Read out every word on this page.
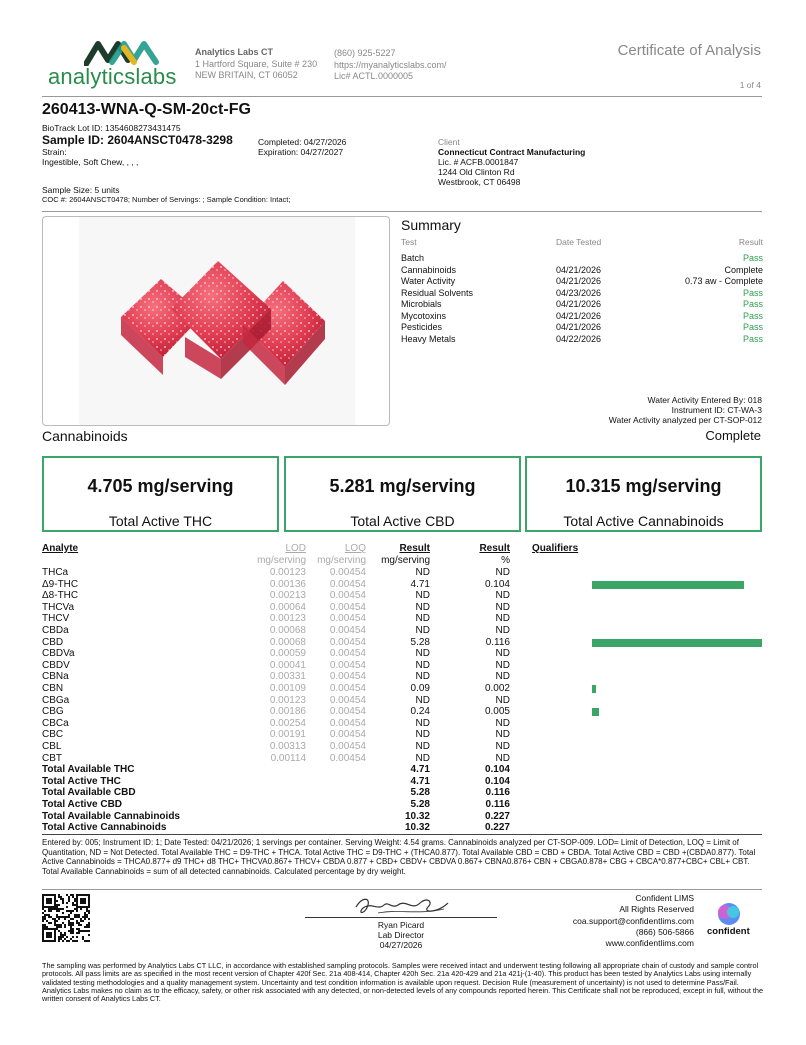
analyticslabs
Analytics Labs CT
1 Hartford Square, Suite # 230
NEW BRITAIN, CT 06052
(860) 925-5227
https://myanalyticslabs.com/
Lic# ACTL.0000005
Certificate of Analysis
1 of 4
260413-WNA-Q-SM-20ct-FG
BioTrack Lot ID: 1354608273431475
Sample ID: 2604ANSCT0478-3298
Strain:
Ingestible, Soft Chew, , , ,
Completed: 04/27/2026
Expiration: 04/27/2027
Sample Size: 5 units
COC #: 2604ANSCT0478; Number of Servings: ; Sample Condition: Intact;
Client
Connecticut Contract Manufacturing
Lic. # ACFB.0001847
1244 Old Clinton Rd
Westbrook, CT 06498
Summary
Test	Date Tested	Result
Batch	Pass
Cannabinoids	04/21/2026	Complete
Water Activity	04/21/2026	0.73 aw - Complete
Residual Solvents	04/23/2026	Pass
Microbials	04/21/2026	Pass
Mycotoxins	04/21/2026	Pass
Pesticides	04/21/2026	Pass
Heavy Metals	04/22/2026	Pass
Water Activity Entered By: 018
Instrument ID: CT-WA-3
Water Activity analyzed per CT-SOP-012
Cannabinoids	Complete
4.705 mg/serving
Total Active THC
5.281 mg/serving
Total Active CBD
10.315 mg/serving
Total Active Cannabinoids
Analyte	LOD	LOQ	Result	Result Qualifiers
mg/serving mg/serving mg/serving	%
THCa	0.00123 0.00454	ND	ND
Δ9-THC	0.00136 0.00454	4.71	0.104
Δ8-THC	0.00213 0.00454	ND	ND
THCVa	0.00064 0.00454	ND	ND
THCV	0.00123 0.00454	ND	ND
CBDa	0.00068 0.00454	ND	ND
CBD	0.00068 0.00454	5.28	0.116
CBDVa	0.00059 0.00454	ND	ND
CBDV	0.00041 0.00454	ND	ND
CBNa	0.00331 0.00454	ND	ND
CBN	0.00109 0.00454	0.09	0.002
CBGa	0.00123 0.00454	ND	ND
CBG	0.00186 0.00454	0.24	0.005
CBCa	0.00254 0.00454	ND	ND
CBC	0.00191 0.00454	ND	ND
CBL	0.00313 0.00454	ND	ND
CBT	0.00114 0.00454	ND	ND
Total Available THC	4.71	0.104
Total Active THC	4.71	0.104
Total Available CBD	5.28	0.116
Total Active CBD	5.28	0.116
Total Available Cannabinoids	10.32	0.227
Total Active Cannabinoids	10.32	0.227
Entered by: 005; Instrument ID: 1; Date Tested: 04/21/2026; 1 servings per container. Serving Weight: 4.54 grams. Cannabinoids analyzed per CT-SOP-009. LOD= Limit of Detection, LOQ = Limit of Quantitation, ND = Not Detected. Total Available THC = D9-THC + THCA. Total Active THC = D9-THC + (THCA0.877). Total Available CBD = CBD + CBDA. Total Active CBD = CBD +(CBDA0.877). Total Active Cannabinoids = THCA0.877+ d9 THC+ d8 THC+ THCVA0.867+ THCV+ CBDA 0.877 + CBD+ CBDV+ CBDVA 0.867+ CBNA0.876+ CBN + CBGA0.878+ CBG + CBCA*0.877+CBC+ CBL+ CBT. Total Available Cannabinoids = sum of all detected cannabinoids. Calculated percentage by dry weight.
Ryan Picard
Lab Director
04/27/2026
Confident LIMS
All Rights Reserved
coa.support@confidentlims.com
(866) 506-5866
www.confidentlims.com
confident
The sampling was performed by Analytics Labs CT LLC, in accordance with established sampling protocols. Samples were received intact and underwent testing following all appropriate chain of custody and sample control protocols. All pass limits are as specified in the most recent version of Chapter 420f Sec. 21a 408-414, Chapter 420h Sec. 21a 420-429 and 21a 421j-(1-40). This product has been tested by Analytics Labs using internally validated testing methodologies and a quality management system. Uncertainty and test condition information is available upon request. Decision Rule (measurement of uncertainty) is not used to determine Pass/Fail. Analytics Labs makes no claim as to the efficacy, safety, or other risk associated with any detected, or non-detected levels of any compounds reported herein. This Certificate shall not be reproduced, except in full, without the written consent of Analytics Labs CT.
